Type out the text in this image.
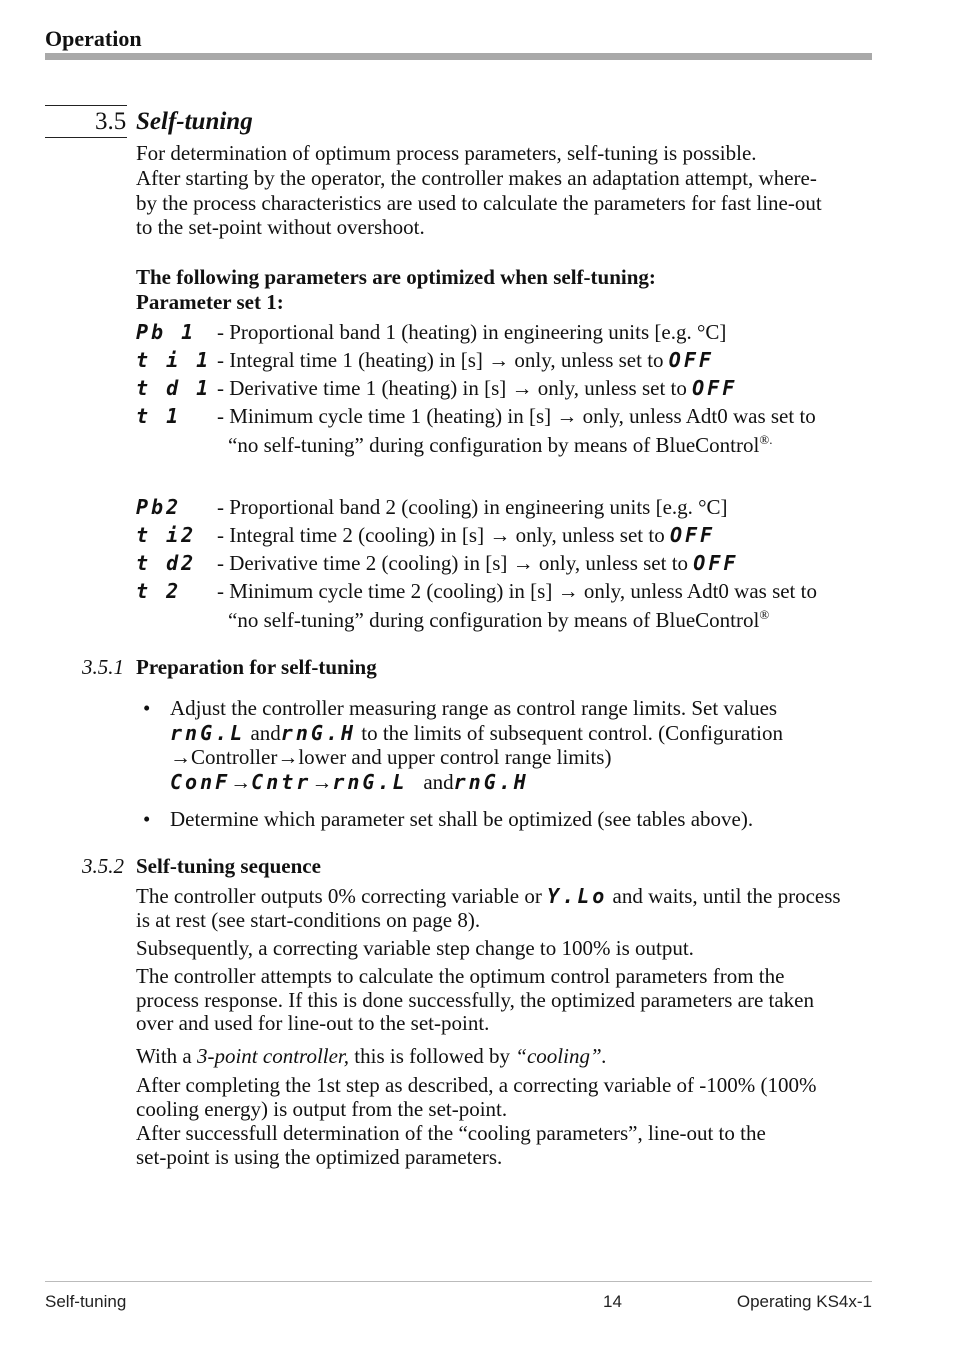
Operation
3.5 Self-tuning
For determination of optimum process parameters, self-tuning is possible.
After starting by the operator, the controller makes an adaptation attempt, where-
by the process characteristics are used to calculate the parameters for fast line-out
to the set-point without overshoot.
The following parameters are optimized when self-tuning:
Parameter set 1:
Pb 1 - Proportional band 1 (heating) in engineering units [e.g. °C]
t i 1 - Integral time 1 (heating) in [s] → only, unless set to OFF
t d 1 - Derivative time 1 (heating) in [s] → only, unless set to OFF
t 1 - Minimum cycle time 1 (heating) in [s] → only, unless Adt0 was set to
“no self-tuning” during configuration by means of BlueControl®.
Pb2 - Proportional band 2 (cooling) in engineering units [e.g. °C]
t i2 - Integral time 2 (cooling) in [s] → only, unless set to OFF
t d2 - Derivative time 2 (cooling) in [s] → only, unless set to OFF
t 2 - Minimum cycle time 2 (cooling) in [s] → only, unless Adt0 was set to
“no self-tuning” during configuration by means of BlueControl®
3.5.1 Preparation for self-tuning
• Adjust the controller measuring range as control range limits. Set values
rnG.L andrnG.H to the limits of subsequent control. (Configuration
→Controller→lower and upper control range limits)
ConF→Cntr→rnG.L andrnG.H
• Determine which parameter set shall be optimized (see tables above).
3.5.2 Self-tuning sequence
The controller outputs 0% correcting variable or Y.Lo and waits, until the process
is at rest (see start-conditions on page 8).
Subsequently, a correcting variable step change to 100% is output.
The controller attempts to calculate the optimum control parameters from the
process response. If this is done successfully, the optimized parameters are taken
over and used for line-out to the set-point.
With a 3-point controller, this is followed by “cooling”.
After completing the 1st step as described, a correcting variable of -100% (100%
cooling energy) is output from the set-point.
After successfull determination of the “cooling parameters”, line-out to the
set-point is using the optimized parameters.
Self-tuning	14	Operating KS4x-1
